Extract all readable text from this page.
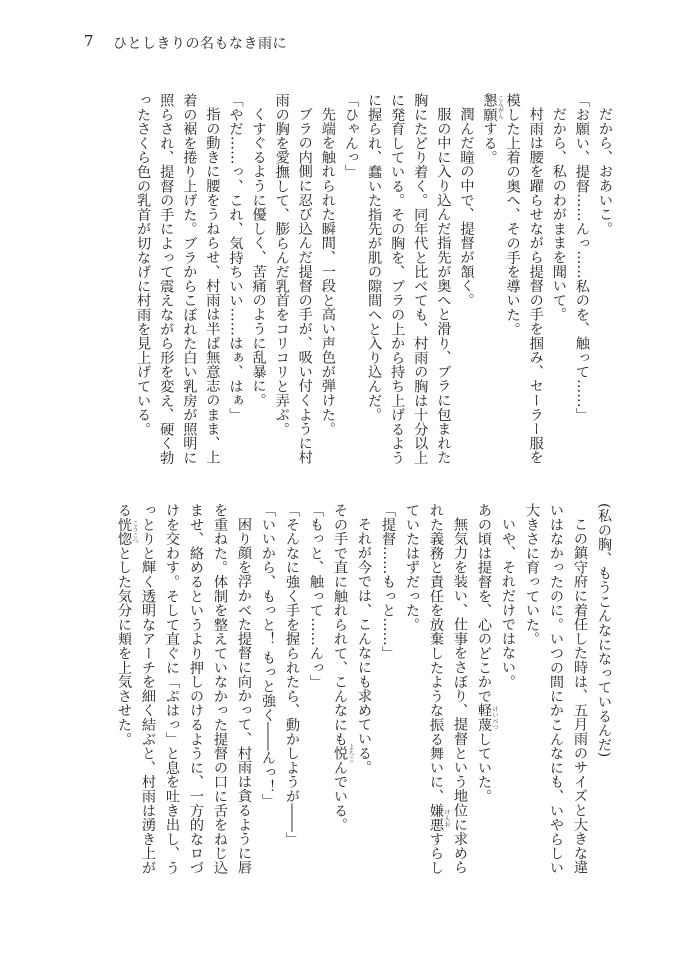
7 ひとしきりの名もなき雨に
だから、おあいこ。
「お願い、提督……んっ……私のを、触って……」
だから、私のわがままを聞いて。
村雨は腰を躍らせながら提督の手を掴み、セーラー服を
模した上着の奥へ、その手を導いた。
懇願する。
潤んだ瞳の中で、提督が頷く。
服の中に入り込んだ指先が奥へと滑り、ブラに包まれた
胸にたどり着く。同年代と比べても、村雨の胸は十分以上
に発育している。その胸を、ブラの上から持ち上げるよう
に握られ、蠢いた指先が肌の隙間へと入り込んだ。
「ひゃんっ」
先端を触れられた瞬間、一段と高い声色が弾けた。
ブラの内側に忍び込んだ提督の手が、吸い付くように村
雨の胸を愛撫して、膨らんだ乳首をコリコリと弄ぶ。
くすぐるように優しく、苦痛のように乱暴に。
「やだ……っ、これ、気持ちいい……はぁ、はぁ」
指の動きに腰をうねらせ、村雨は半ば無意志のまま、上
着の裾を捲り上げた。ブラからこぼれた白い乳房が照明に
照らされ、提督の手によって震えながら形を変え、硬く勃
ったさくら色の乳首が切なげに村雨を見上げている。
(私の胸、もうこんなになっているんだ)
この鎮守府に着任した時は、五月雨のサイズと大きな違
いはなかったのに。いつの間にかこんなにも、いやらしい
大きさに育っていた。
いや、それだけではない。
あの頃は提督を、心のどこかで軽蔑していた。
無気力を装い、仕事をさぼり、提督という地位に求めら
れた義務と責任を放棄したような振る舞いに、嫌悪すらし
ていたはずだった。
「提督……もっと……」
それが今では、こんなにも求めている。
その手で直に触れられて、こんなにも悦んでいる。
「もっと、触って……んっ」
「そんなに強く手を握られたら、動かしようが――」
「いいから、もっと！ もっと強く――んっ！」
困り顔を浮かべた提督に向かって、村雨は貪るように唇
を重ねた。体制を整えていなかった提督の口に舌をねじ込
ませ、絡めるというより押しのけるように、一方的なロづ
けを交わす。そして直ぐに「ぷはっ」と息を吐き出し、う
っとりと輝く透明なアーチを細く結ぶと、村雨は湧き上が
る恍惚とした気分に頬を上気させた。
こんがん
けいべつ
けんお
よろこ
こうこつ
